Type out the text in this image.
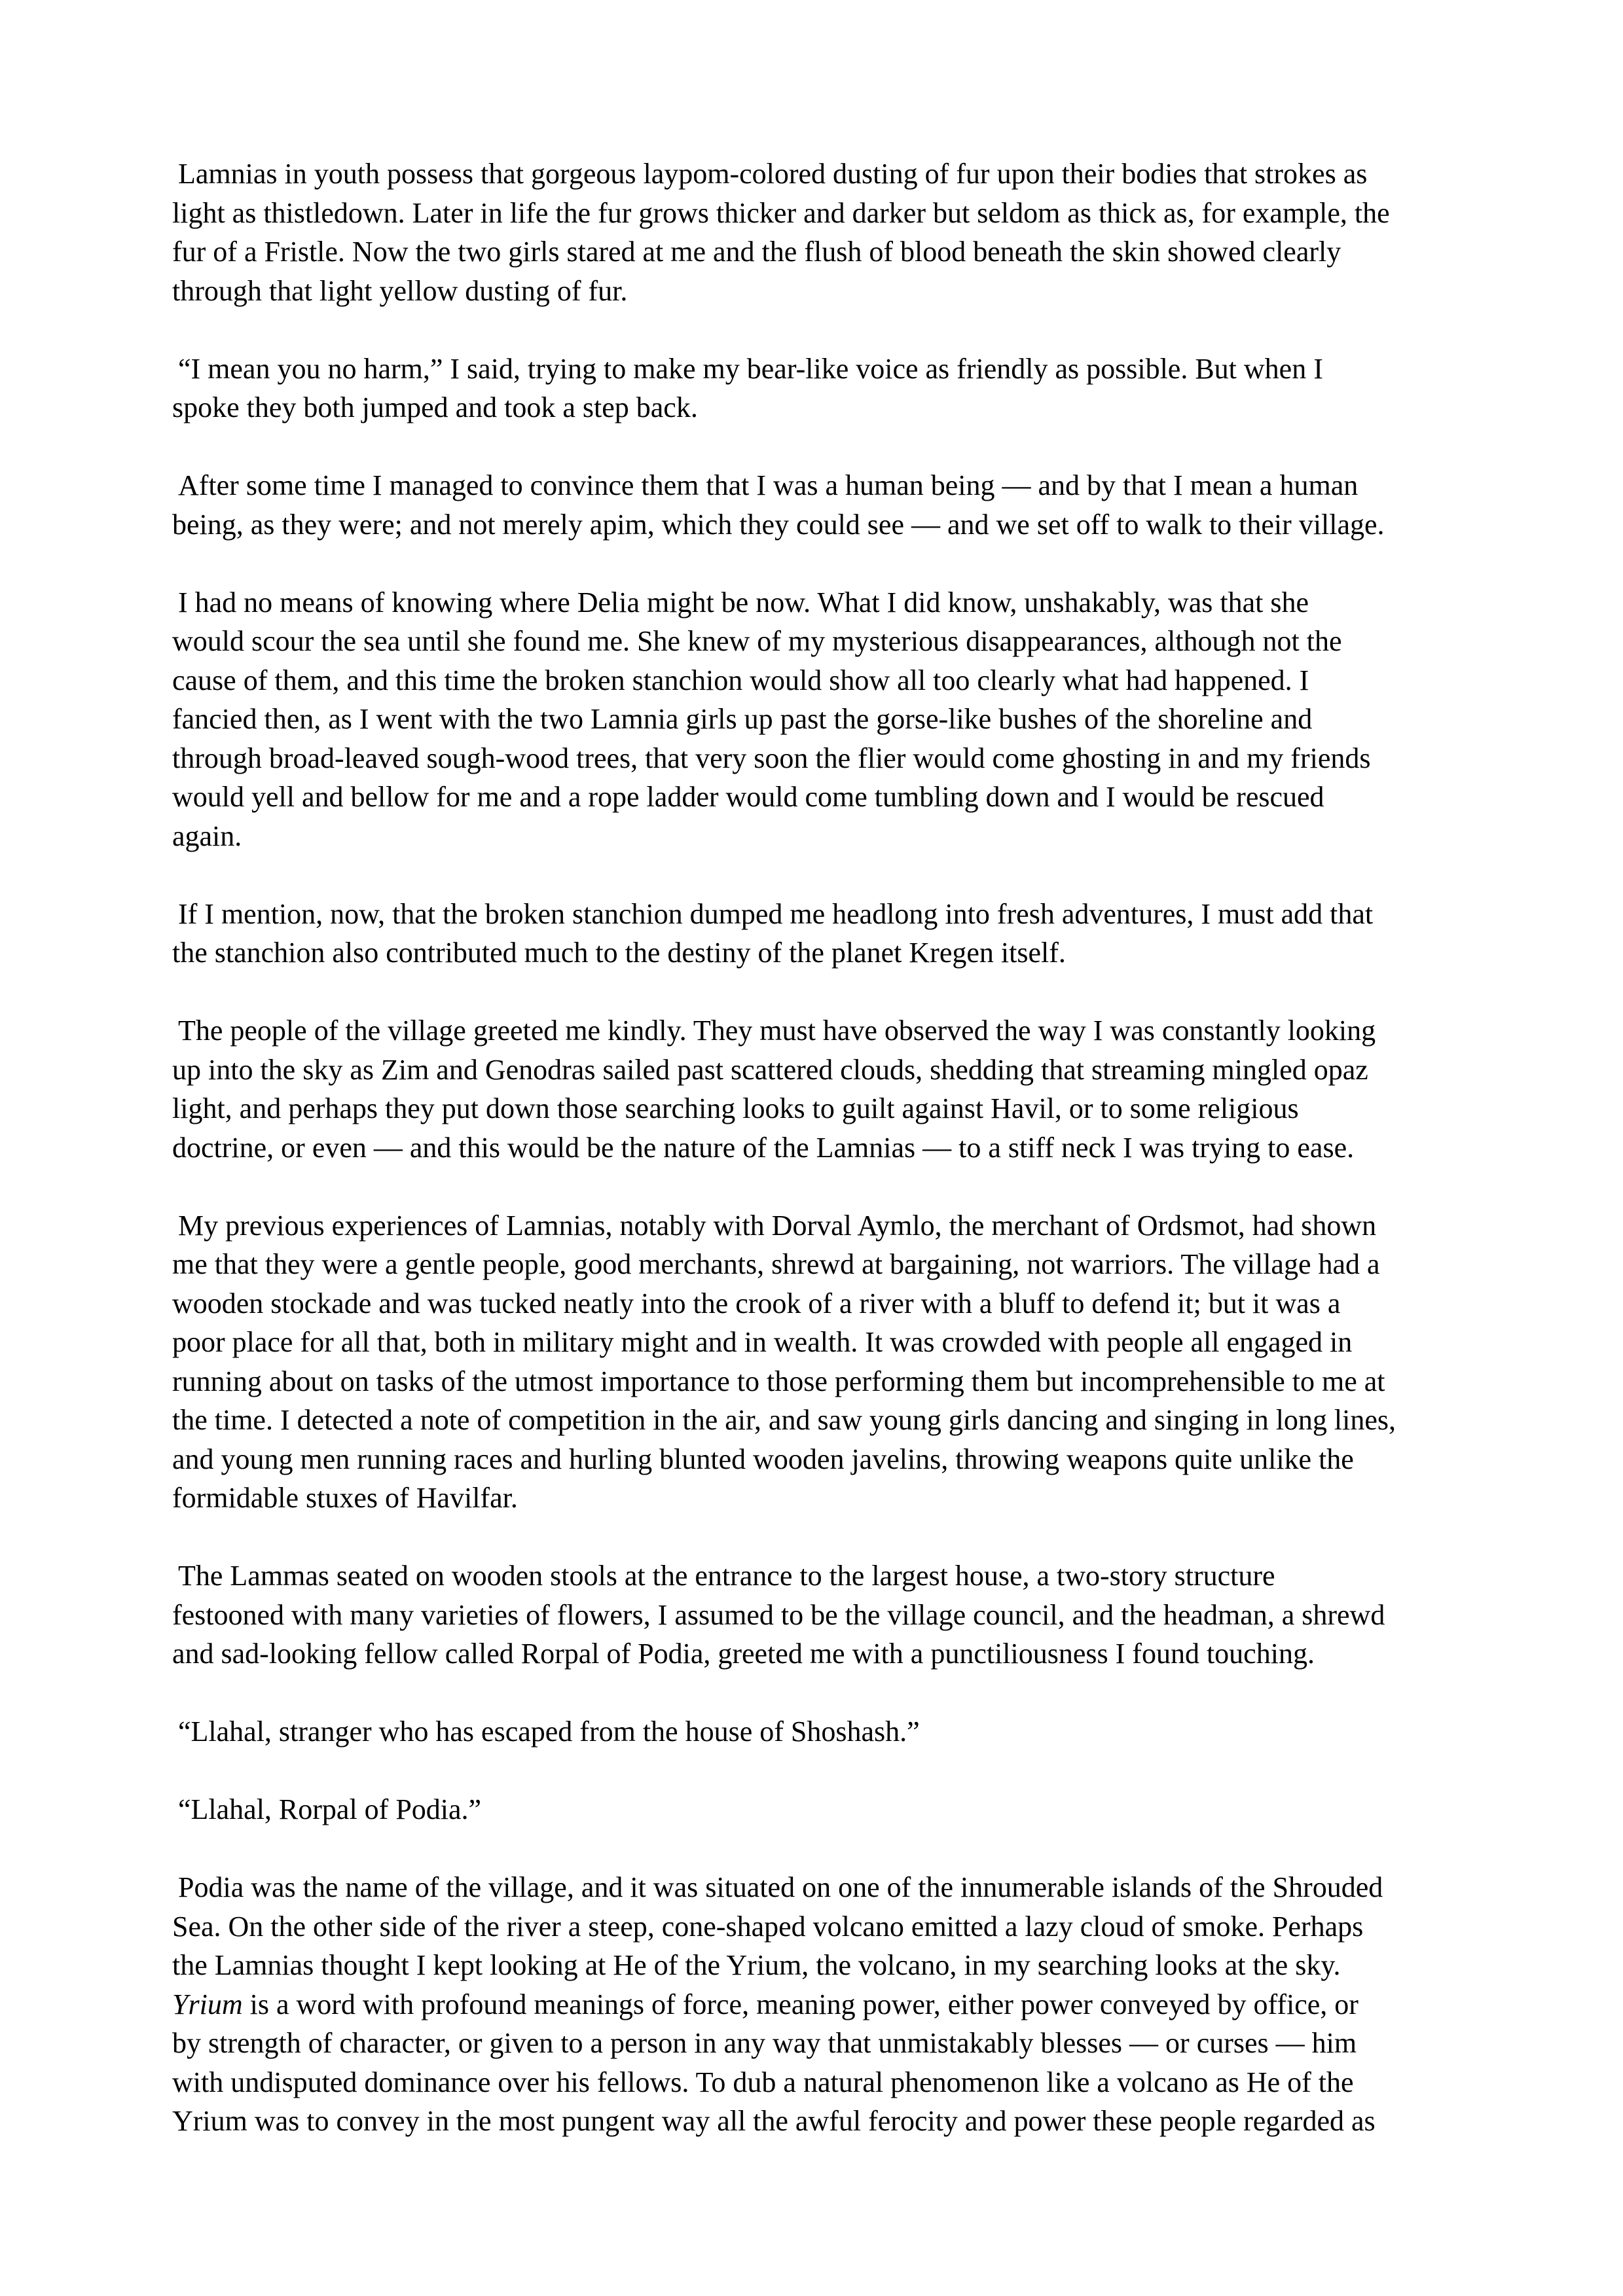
Lamnias in youth possess that gorgeous laypom-colored dusting of fur upon their bodies that strokes as
light as thistledown. Later in life the fur grows thicker and darker but seldom as thick as, for example, the
fur of a Fristle. Now the two girls stared at me and the flush of blood beneath the skin showed clearly
through that light yellow dusting of fur.

“I mean you no harm,” I said, trying to make my bear-like voice as friendly as possible. But when I
spoke they both jumped and took a step back.

After some time I managed to convince them that I was a human being — and by that I mean a human
being, as they were; and not merely apim, which they could see — and we set off to walk to their village.

I had no means of knowing where Delia might be now. What I did know, unshakably, was that she
would scour the sea until she found me. She knew of my mysterious disappearances, although not the
cause of them, and this time the broken stanchion would show all too clearly what had happened. I
fancied then, as I went with the two Lamnia girls up past the gorse-like bushes of the shoreline and
through broad-leaved sough-wood trees, that very soon the flier would come ghosting in and my friends
would yell and bellow for me and a rope ladder would come tumbling down and I would be rescued
again.

If I mention, now, that the broken stanchion dumped me headlong into fresh adventures, I must add that
the stanchion also contributed much to the destiny of the planet Kregen itself.

The people of the village greeted me kindly. They must have observed the way I was constantly looking
up into the sky as Zim and Genodras sailed past scattered clouds, shedding that streaming mingled opaz
light, and perhaps they put down those searching looks to guilt against Havil, or to some religious
doctrine, or even — and this would be the nature of the Lamnias — to a stiff neck I was trying to ease.

My previous experiences of Lamnias, notably with Dorval Aymlo, the merchant of Ordsmot, had shown
me that they were a gentle people, good merchants, shrewd at bargaining, not warriors. The village had a
wooden stockade and was tucked neatly into the crook of a river with a bluff to defend it; but it was a
poor place for all that, both in military might and in wealth. It was crowded with people all engaged in
running about on tasks of the utmost importance to those performing them but incomprehensible to me at
the time. I detected a note of competition in the air, and saw young girls dancing and singing in long lines,
and young men running races and hurling blunted wooden javelins, throwing weapons quite unlike the
formidable stuxes of Havilfar.

The Lammas seated on wooden stools at the entrance to the largest house, a two-story structure
festooned with many varieties of flowers, I assumed to be the village council, and the headman, a shrewd
and sad-looking fellow called Rorpal of Podia, greeted me with a punctiliousness I found touching.

“Llahal, stranger who has escaped from the house of Shoshash.”

“Llahal, Rorpal of Podia.”

Podia was the name of the village, and it was situated on one of the innumerable islands of the Shrouded
Sea. On the other side of the river a steep, cone-shaped volcano emitted a lazy cloud of smoke. Perhaps
the Lamnias thought I kept looking at He of the Yrium, the volcano, in my searching looks at the sky.
Yrium is a word with profound meanings of force, meaning power, either power conveyed by office, or
by strength of character, or given to a person in any way that unmistakably blesses — or curses — him
with undisputed dominance over his fellows. To dub a natural phenomenon like a volcano as He of the
Yrium was to convey in the most pungent way all the awful ferocity and power these people regarded as
